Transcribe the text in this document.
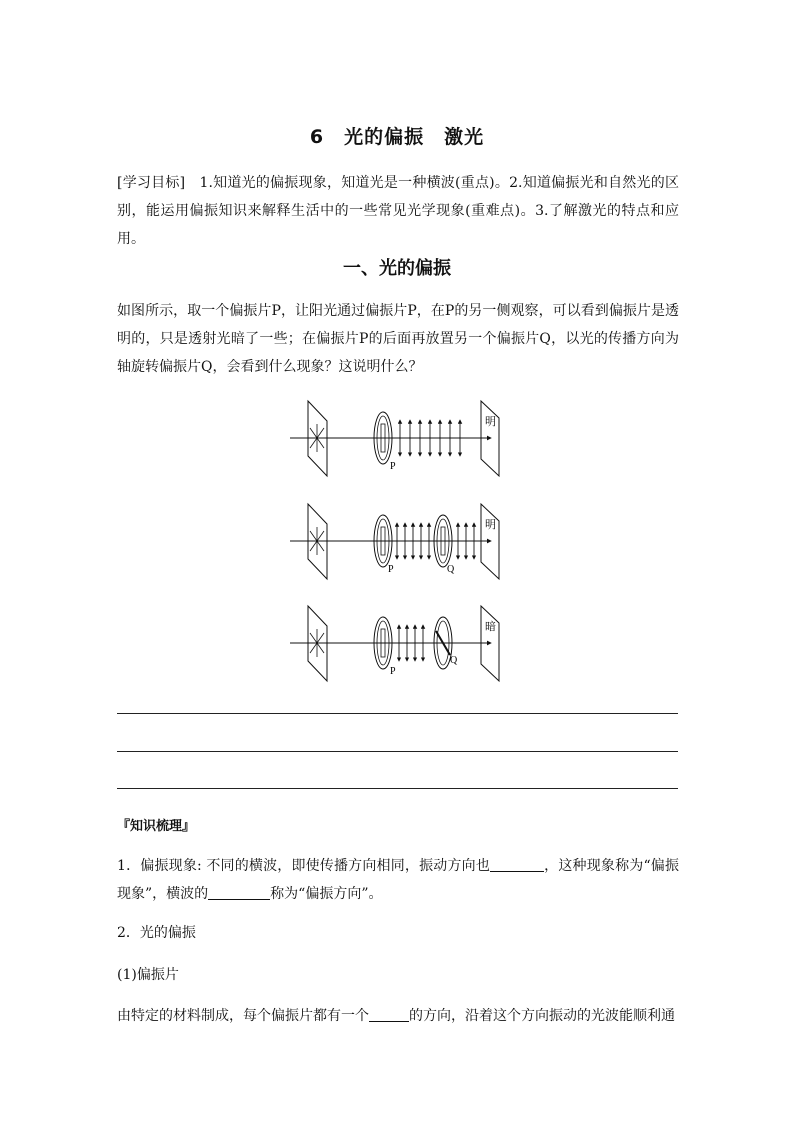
6　光的偏振　激光
[学习目标]　1.知道光的偏振现象，知道光是一种横波(重点)。2.知道偏振光和自然光的区别，能运用偏振知识来解释生活中的一些常见光学现象(重难点)。3.了解激光的特点和应用。
一、光的偏振
如图所示，取一个偏振片P，让阳光通过偏振片P，在P的另一侧观察，可以看到偏振片是透明的，只是透射光暗了一些；在偏振片P的后面再放置另一个偏振片Q，以光的传播方向为轴旋转偏振片Q，会看到什么现象？这说明什么？
P
明
P	Q
明
P
Q
暗
『知识梳理』
1．偏振现象: 不同的横波，即使传播方向相同，振动方向也	，这种现象称为“偏振现象”，横波的	称为“偏振方向”。
2．光的偏振
(1)偏振片
由特定的材料制成，每个偏振片都有一个	的方向，沿着这个方向振动的光波能顺利通
